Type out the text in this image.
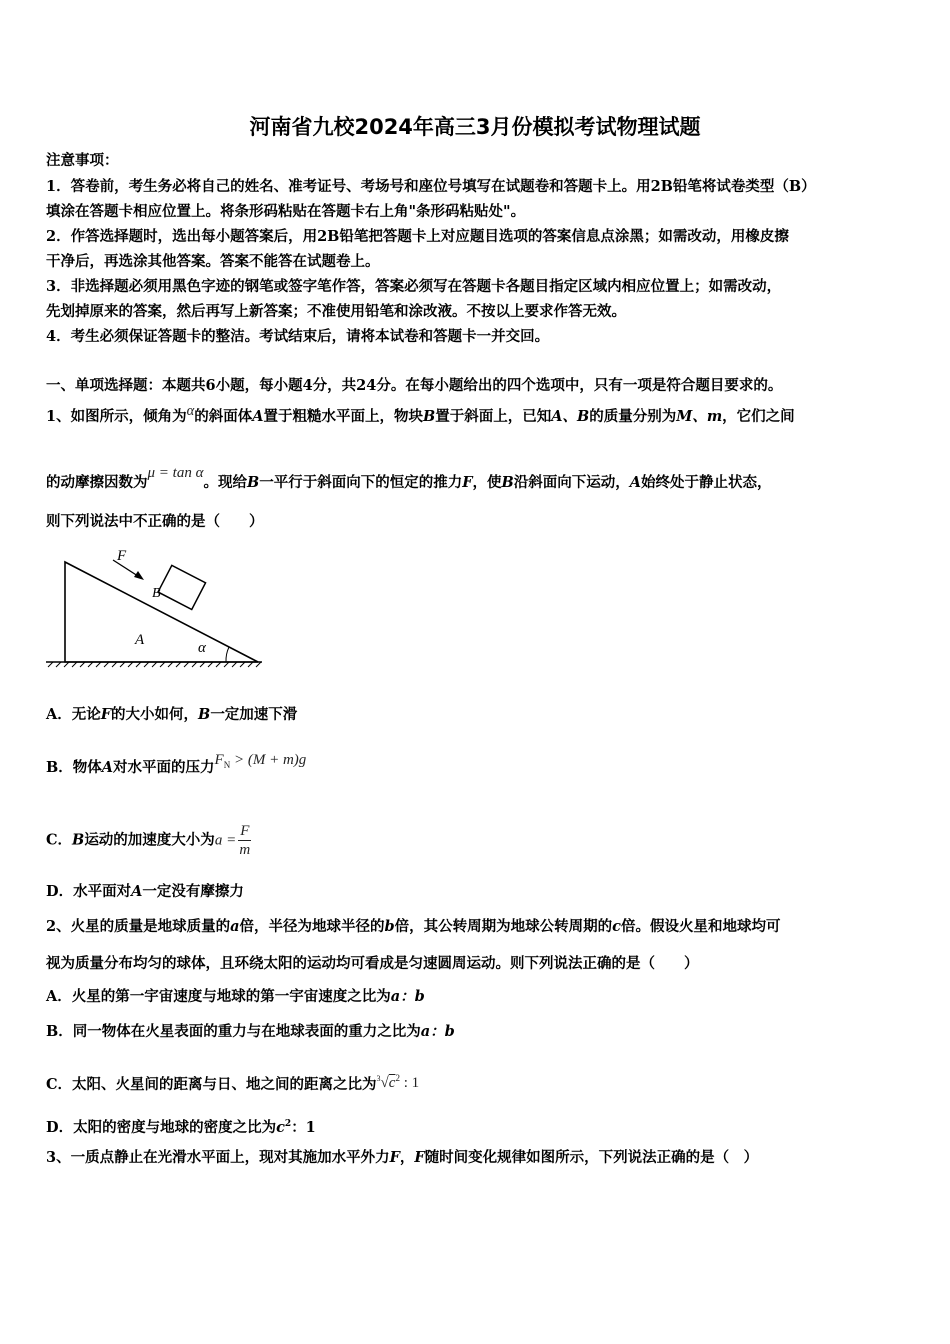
河南省九校2024年高三3月份模拟考试物理试题
注意事项：
1．答卷前，考生务必将自己的姓名、准考证号、考场号和座位号填写在试题卷和答题卡上。用2B铅笔将试卷类型（B）
填涂在答题卡相应位置上。将条形码粘贴在答题卡右上角"条形码粘贴处"。
2．作答选择题时，选出每小题答案后，用2B铅笔把答题卡上对应题目选项的答案信息点涂黑；如需改动，用橡皮擦
干净后，再选涂其他答案。答案不能答在试题卷上。
3．非选择题必须用黑色字迹的钢笔或签字笔作答，答案必须写在答题卡各题目指定区域内相应位置上；如需改动，
先划掉原来的答案，然后再写上新答案；不准使用铅笔和涂改液。不按以上要求作答无效。
4．考生必须保证答题卡的整洁。考试结束后，请将本试卷和答题卡一并交回。
一、单项选择题：本题共6小题，每小题4分，共24分。在每小题给出的四个选项中，只有一项是符合题目要求的。
1、如图所示，倾角为α的斜面体A置于粗糙水平面上，物块B置于斜面上，已知A、B的质量分别为M、m，它们之间
的动摩擦因数为μ = tan α。现给B一平行于斜面向下的恒定的推力F，使B沿斜面向下运动，A始终处于静止状态，
则下列说法中不正确的是（　　）
F
B
A	α
A．无论F的大小如何，B一定加速下滑
B．物体A对水平面的压力$F_N > (M + m)g$
C．B运动的加速度大小为$a = \frac{F}{m}$
D．水平面对A一定没有摩擦力
2、火星的质量是地球质量的a倍，半径为地球半径的b倍，其公转周期为地球公转周期的c倍。假设火星和地球均可
视为质量分布均匀的球体，且环绕太阳的运动均可看成是匀速圆周运动。则下列说法正确的是（　　）
A．火星的第一宇宙速度与地球的第一宇宙速度之比为a：b
B．同一物体在火星表面的重力与在地球表面的重力之比为a：b
C．太阳、火星间的距离与日、地之间的距离之比为$^3√c^2$ : 1
D．太阳的密度与地球的密度之比为$c^2$：1
3、一质点静止在光滑水平面上，现对其施加水平外力F，F随时间变化规律如图所示，下列说法正确的是（　）
